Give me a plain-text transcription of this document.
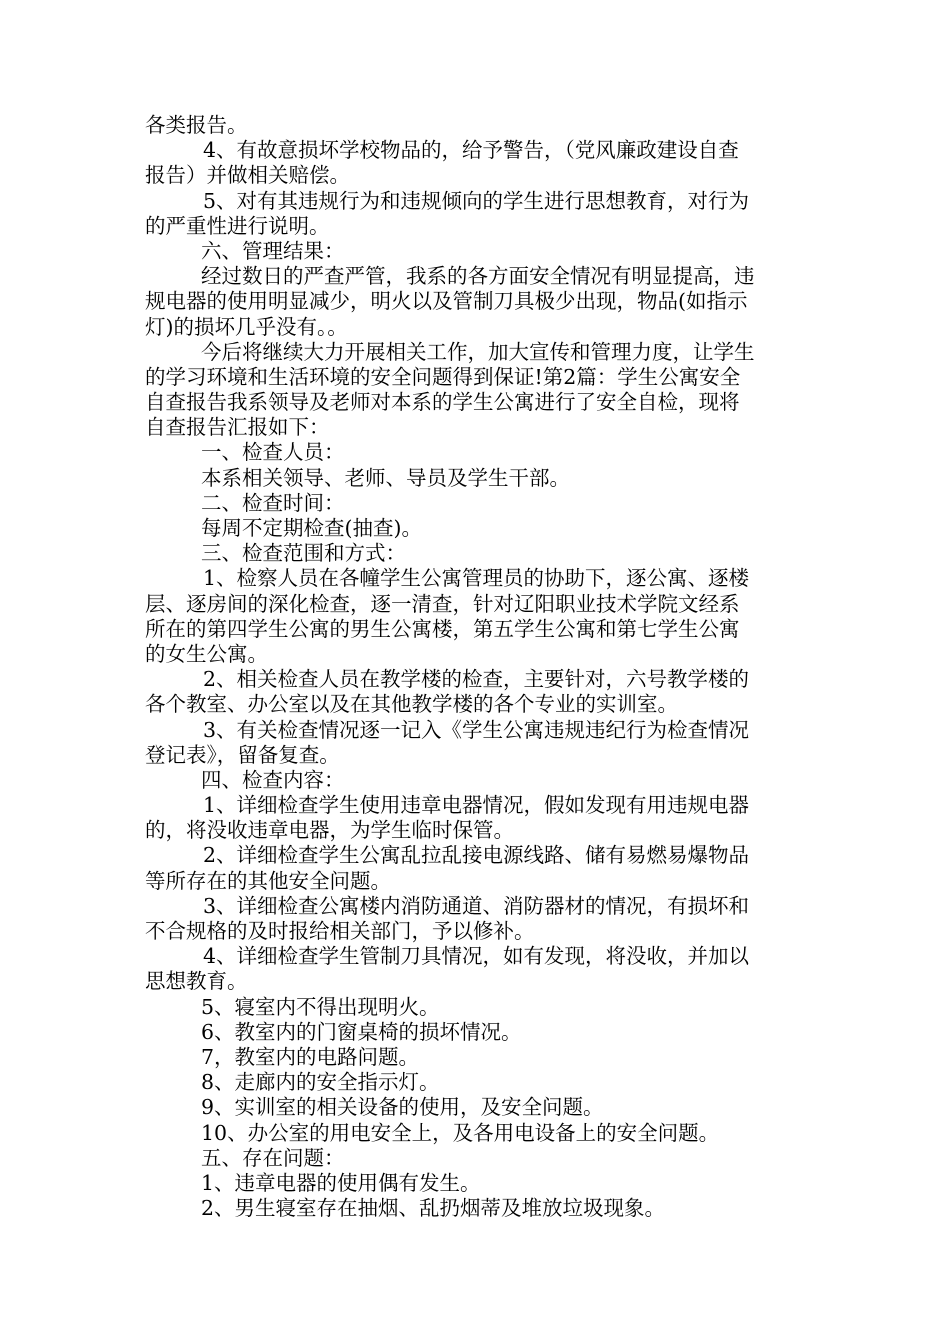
各类报告。
4、有故意损坏学校物品的，给予警告，（党风廉政建设自查
报告）并做相关赔偿。
5、对有其违规行为和违规倾向的学生进行思想教育，对行为
的严重性进行说明。
六、管理结果：
经过数日的严查严管，我系的各方面安全情况有明显提高，违
规电器的使用明显减少，明火以及管制刀具极少出现，物品(如指示
灯)的损坏几乎没有。。
今后将继续大力开展相关工作，加大宣传和管理力度，让学生
的学习环境和生活环境的安全问题得到保证!第2篇：学生公寓安全
自查报告我系领导及老师对本系的学生公寓进行了安全自检，现将
自查报告汇报如下：
一、检查人员：
本系相关领导、老师、导员及学生干部。
二、检查时间：
每周不定期检查(抽查)。
三、检查范围和方式：
1、检察人员在各幢学生公寓管理员的协助下，逐公寓、逐楼
层、逐房间的深化检查，逐一清查，针对辽阳职业技术学院文经系
所在的第四学生公寓的男生公寓楼，第五学生公寓和第七学生公寓
的女生公寓。
2、相关检查人员在教学楼的检查，主要针对，六号教学楼的
各个教室、办公室以及在其他教学楼的各个专业的实训室。
3、有关检查情况逐一记入《学生公寓违规违纪行为检查情况
登记表》，留备复查。
四、检查内容：
1、详细检查学生使用违章电器情况，假如发现有用违规电器
的，将没收违章电器，为学生临时保管。
2、详细检查学生公寓乱拉乱接电源线路、储有易燃易爆物品
等所存在的其他安全问题。
3、详细检查公寓楼内消防通道、消防器材的情况，有损坏和
不合规格的及时报给相关部门，予以修补。
4、详细检查学生管制刀具情况，如有发现，将没收，并加以
思想教育。
5、寝室内不得出现明火。
6、教室内的门窗桌椅的损坏情况。
7，教室内的电路问题。
8、走廊内的安全指示灯。
9、实训室的相关设备的使用，及安全问题。
10、办公室的用电安全上，及各用电设备上的安全问题。
五、存在问题：
1、违章电器的使用偶有发生。
2、男生寝室存在抽烟、乱扔烟蒂及堆放垃圾现象。
